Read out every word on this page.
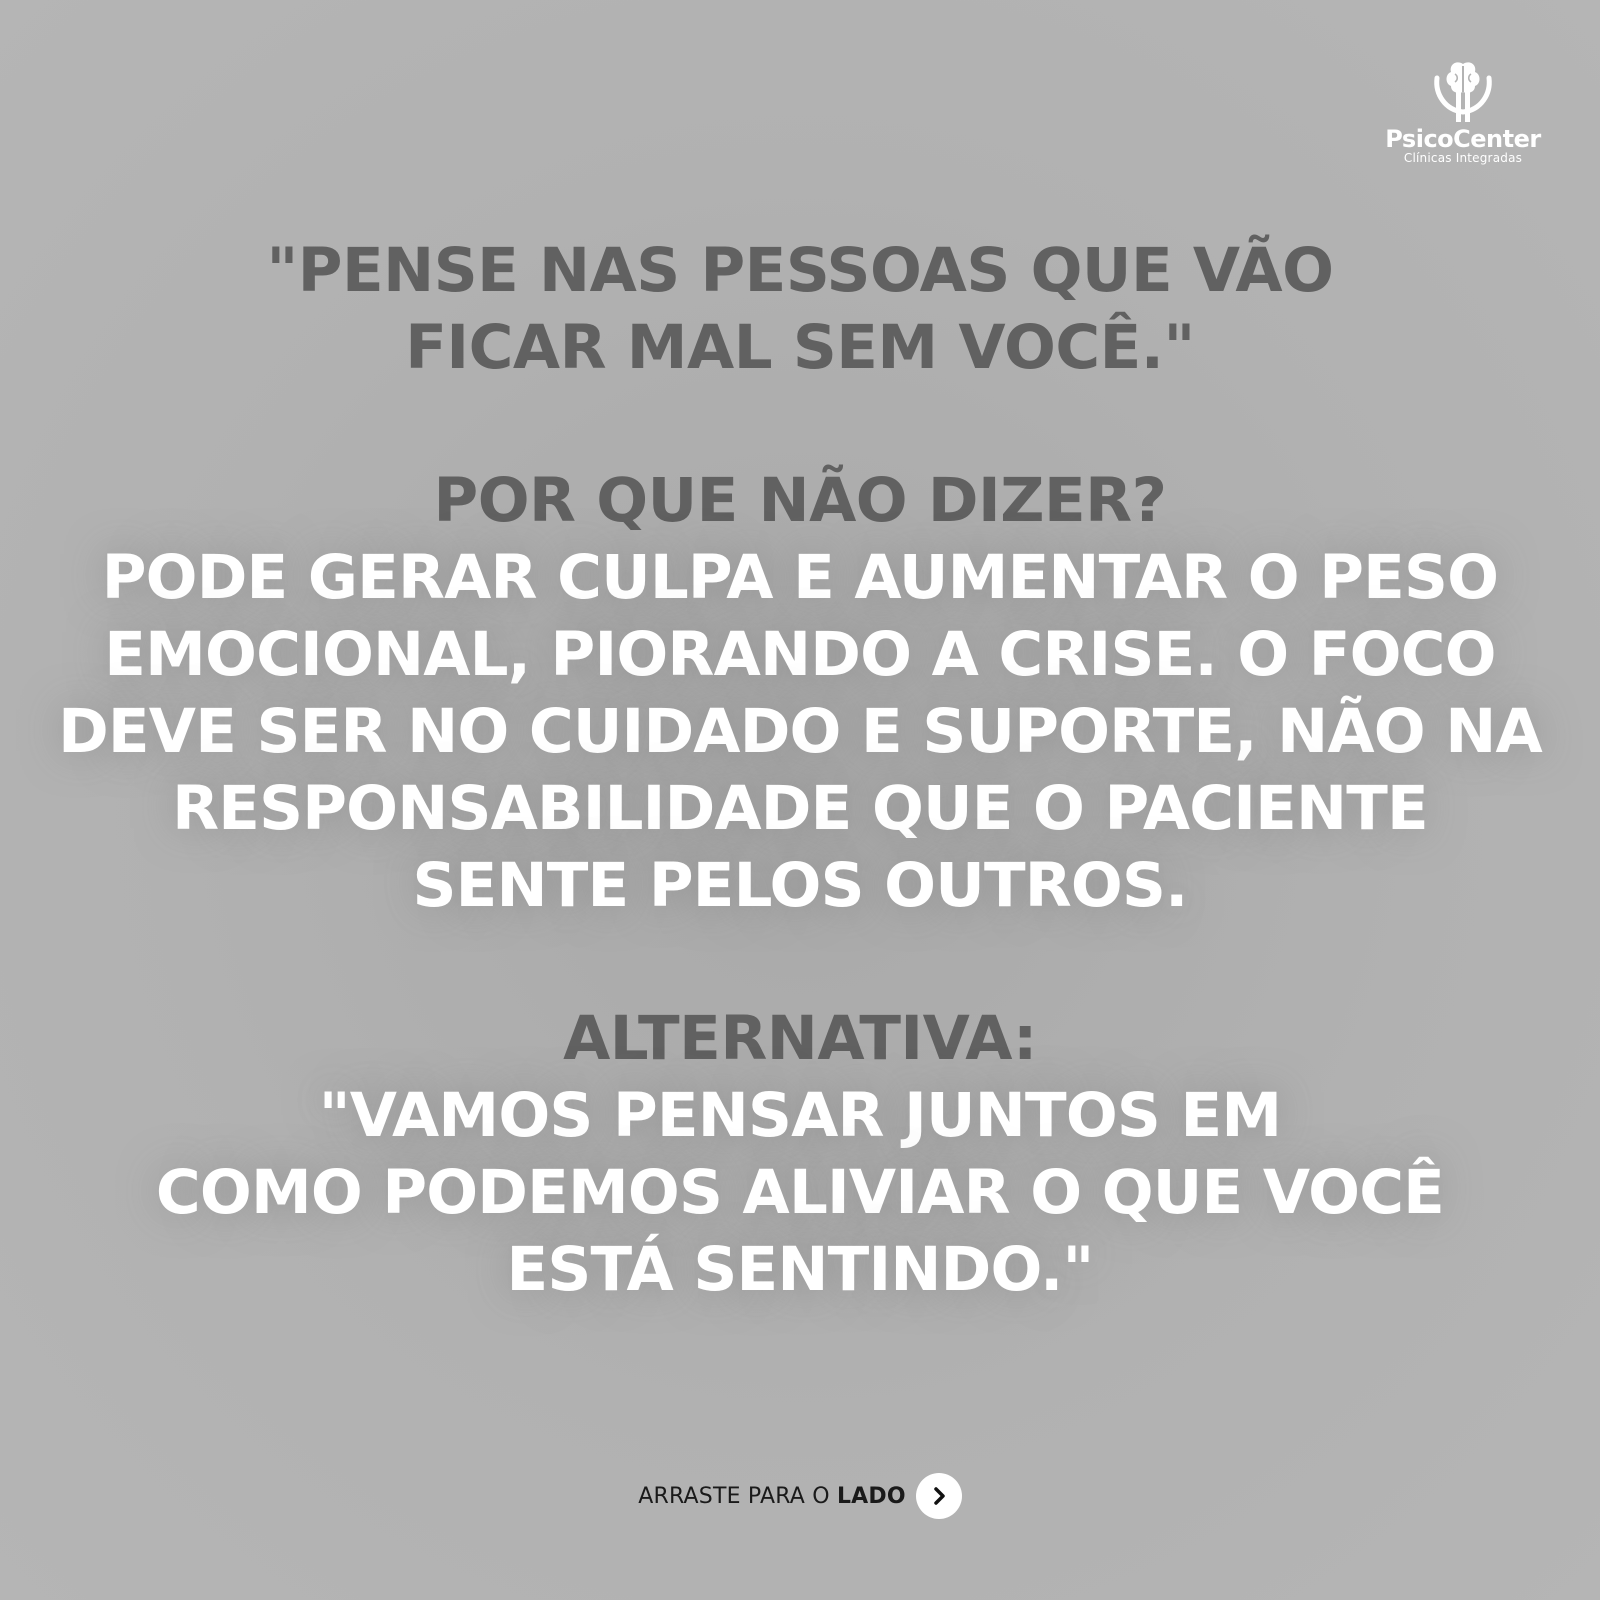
PsicoCenter
Clínicas Integradas
"PENSE NAS PESSOAS QUE VÃO
FICAR MAL SEM VOCÊ."
POR QUE NÃO DIZER?
PODE GERAR CULPA E AUMENTAR O PESO
EMOCIONAL, PIORANDO A CRISE. O FOCO
DEVE SER NO CUIDADO E SUPORTE, NÃO NA
RESPONSABILIDADE QUE O PACIENTE
SENTE PELOS OUTROS.
ALTERNATIVA:
"VAMOS PENSAR JUNTOS EM
COMO PODEMOS ALIVIAR O QUE VOCÊ
ESTÁ SENTINDO."
ARRASTE PARA O LADO
